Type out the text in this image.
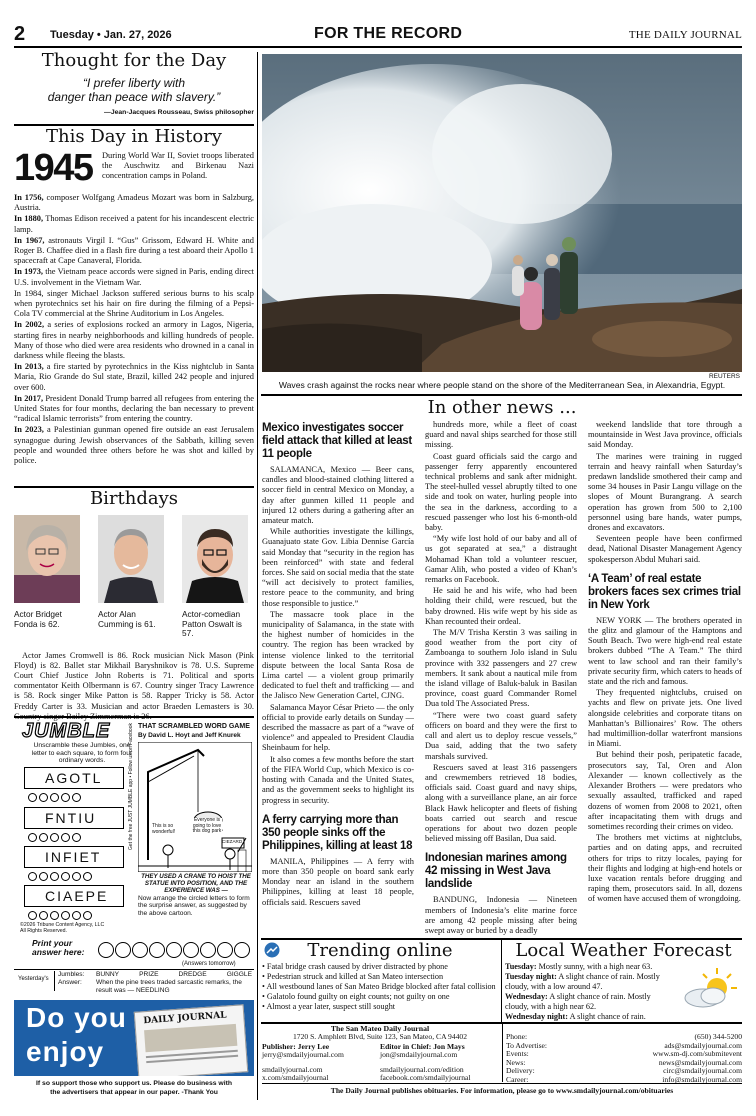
2 Tuesday • Jan. 27, 2026	FOR THE RECORD	THE DAILY JOURNAL
Thought for the Day
“I prefer liberty with
danger than peace with slavery.”
—Jean-Jacques Rousseau, Swiss philosopher
This Day in History
1945 During World War II, Soviet troops liberated the Auschwitz and Birkenau Nazi concentration camps in Poland.

In 1756, composer Wolfgang Amadeus Mozart was born in Salzburg, Austria.

In 1880, Thomas Edison received a patent for his incandescent electric lamp.

In 1967, astronauts Virgil I. “Gus” Grissom, Edward H. White and Roger B. Chaffee died in a flash fire during a test aboard their Apollo 1 spacecraft at Cape Canaveral, Florida.

In 1973, the Vietnam peace accords were signed in Paris, ending direct U.S. involvement in the Vietnam War.

In 1984, singer Michael Jackson suffered serious burns to his scalp when pyrotechnics set his hair on fire during the filming of a Pepsi-Cola TV commercial at the Shrine Auditorium in Los Angeles.

In 2002, a series of explosions rocked an armory in Lagos, Nigeria, starting fires in nearby neighborhoods and killing hundreds of people. Many of those who died were area residents who drowned in a canal in darkness while fleeing the blasts.

In 2013, a fire started by pyrotechnics in the Kiss nightclub in Santa Maria, Rio Grande do Sul state, Brazil, killed 242 people and injured over 600.

In 2017, President Donald Trump barred all refugees from entering the United States for four months, declaring the ban necessary to prevent “radical Islamic terrorists” from entering the country.

In 2023, a Palestinian gunman opened fire outside an east Jerusalem synagogue during Jewish observances of the Sabbath, killing seven people and wounded three others before he was shot and killed by police.

Birthdays
Actor Bridget Fonda is 62.
Actor Alan Cumming is 61.
Actor-comedian Patton Oswalt is 57.

Actor James Cromwell is 86. Rock musician Nick Mason (Pink Floyd) is 82. Ballet star Mikhail Baryshnikov is 78. U.S. Supreme Court Chief Justice John Roberts is 71. Political and sports commentator Keith Olbermann is 67. Country singer Tracy Lawrence is 58. Rock singer Mike Patton is 58. Rapper Tricky is 58. Actor Freddy Carter is 33. Musician and actor Braeden Lemasters is 30.

JUMBLE	THAT SCRAMBLED WORD GAME
By David L. Hoyt and Jeff Knurek
Unscramble these Jumbles, one letter to each square, to form four ordinary words.
AGOTL
FNTIU
INFIET
CIAEPE
Get the free JUST JUMBLE app • Follow us on Facebook	Everyone is going to love this dog park
This is so wonderful!
CIEZARD
THEY USED A CRANE TO HOIST THE STATUE INTO POSITION, AND THE EXPERIENCE WAS —
Now arrange the circled letters to form the surprise answer, as suggested by the above cartoon.
©2026 Tribune Content Agency, LLC
All Rights Reserved.
Print your
answer here:
(Answers tomorrow)
Yesterday's
Jumbles: BUNNY	PRIZE	DREDGE	GIGGLE
Answer: When the pine trees traded sarcastic remarks, the result was — NEEDLING
Do you
enjoy
DAILY JOURNAL
If so support those who support us. Please do business with the advertisers that appear in our paper. -Thank You
REUTERS
Waves crash against the rocks near where people stand on the shore of the Mediterranean Sea, in Alexandria, Egypt.
In other news ...
Mexico investigates soccer field attack that killed at least 11 people

SALAMANCA, Mexico — Beer cans, candles and blood-stained clothing littered a soccer field in central Mexico on Monday, a day after gunmen killed 11 people and injured 12 others during a gathering after an amateur match.

While authorities investigate the killings, Guanajuato state Gov. Libia Dennise García said Monday that “security in the region has been reinforced” with state and federal forces. She said on social media that the state “will act decisively to protect families, restore peace to the community, and bring those responsible to justice.”

The massacre took place in the municipality of Salamanca, in the state with the highest number of homicides in the country. The region has been wracked by intense violence linked to the territorial dispute between the local Santa Rosa de Lima cartel — a violent group primarily dedicated to fuel theft and trafficking — and the Jalisco New Generation Cartel, CJNG.

Salamanca Mayor César Prieto — the only official to provide early details on Sunday — described the massacre as part of a “wave of violence” and appealed to President Claudia Sheinbaum for help.

It also comes a few months before the start of the FIFA World Cup, which Mexico is co-hosting with Canada and the United States, and as the government seeks to highlight its progress in security.

A ferry carrying more than 350 people sinks off the Philippines, killing at least 18

MANILA, Philippines — A ferry with more than 350 people on board sank early Monday near an island in the southern Philippines, killing at least 18 people, officials said. Rescuers saved

hundreds more, while a fleet of coast guard and naval ships searched for those still missing.

Coast guard officials said the cargo and passenger ferry apparently encountered technical problems and sank after midnight. The steel-hulled vessel abruptly tilted to one side and took on water, hurling people into the sea in the darkness, according to a rescued passenger who lost his 6-month-old baby.

“My wife lost hold of our baby and all of us got separated at sea,” a distraught Mohamad Khan told a volunteer rescuer, Gamar Alih, who posted a video of Khan’s remarks on Facebook.

He said he and his wife, who had been holding their child, were rescued, but the baby drowned. His wife wept by his side as Khan recounted their ordeal.

The M/V Trisha Kerstin 3 was sailing in good weather from the port city of Zamboanga to southern Jolo island in Sulu province with 332 passengers and 27 crew members. It sank about a nautical mile from the island village of Baluk-baluk in Basilan province, coast guard Commander Romel Dua told The Associated Press.

“There were two coast guard safety officers on board and they were the first to call and alert us to deploy rescue vessels,” Dua said, adding that the two safety marshals survived.

Rescuers saved at least 316 passengers and crewmembers retrieved 18 bodies, officials said. Coast guard and navy ships, along with a surveillance plane, an air force Black Hawk helicopter and fleets of fishing boats carried out search and rescue operations for about two dozen people believed missing off Basilan, Dua said.

Indonesian marines among 42 missing in West Java landslide

BANDUNG, Indonesia — Nineteen members of Indonesia’s elite marine force are among 42 people missing after being swept away or buried by a deadly

weekend landslide that tore through a mountainside in West Java province, officials said Monday.

The marines were training in rugged terrain and heavy rainfall when Saturday’s predawn landslide smothered their camp and some 34 houses in Pasir Langu village on the slopes of Mount Burangrang. A search operation has grown from 500 to 2,100 personnel using bare hands, water pumps, drones and excavators.

Seventeen people have been confirmed dead, National Disaster Management Agency spokesperson Abdul Muhari said.

‘A Team’ of real estate brokers faces sex crimes trial in New York

NEW YORK — The brothers operated in the glitz and glamour of the Hamptons and South Beach. Two were high-end real estate brokers dubbed “The A Team.” The third went to law school and ran their family’s private security firm, which caters to heads of state and the rich and famous.

They frequented nightclubs, cruised on yachts and flew on private jets. One lived alongside celebrities and corporate titans on Manhattan’s Billionaires’ Row. The others had multimillion-dollar waterfront mansions in Miami.

But behind their posh, peripatetic facade, prosecutors say, Tal, Oren and Alon Alexander — known collectively as the Alexander Brothers — were predators who sexually assaulted, trafficked and raped dozens of women from 2008 to 2021, often after incapacitating them with drugs and sometimes recording their crimes on video.

The brothers met victims at nightclubs, parties and on dating apps, and recruited others for trips to ritzy locales, paying for their flights and lodging at high-end hotels or luxe vacation rentals before drugging and raping them, prosecutors said. In all, dozens of women have accused them of wrongdoing.

Trending online
• Fatal bridge crash caused by driver distracted by phone
• Pedestrian struck and killed at San Mateo intersection
• All westbound lanes of San Mateo Bridge blocked after fatal collision
• Galatolo found guilty on eight counts; not guilty on one
• Almost a year later, suspect still sought
Local Weather Forecast
Tuesday: Mostly sunny, with a high near 63.
Tuesday night: A slight chance of rain. Mostly cloudy, with a low around 47.
Wednesday: A slight chance of rain. Mostly cloudy, with a high near 62.
Wednesday night: A slight chance of rain.
The San Mateo Daily Journal
1720 S. Amphlett Blvd, Suite 123, San Mateo, CA 94402
Publisher: Jerry Lee
jerry@smdailyjournal.com
Editor in Chief: Jon Mays
jon@smdailyjournal.com
smdailyjournal.com
x.com/smdailyjournal
smdailyjournal.com/edition
facebook.com/smdailyjournal
Phone:	(650) 344-5200
To Advertise:	ads@smdailyjournal.com
Events:	www.sm-dj.com/submitevent
News:	news@smdailyjournal.com
Delivery:	circ@smdailyjournal.com
Career:	info@smdailyjournal.com
The Daily Journal publishes obituaries. For information, please go to www.smdailyjournal.com/obituaries
